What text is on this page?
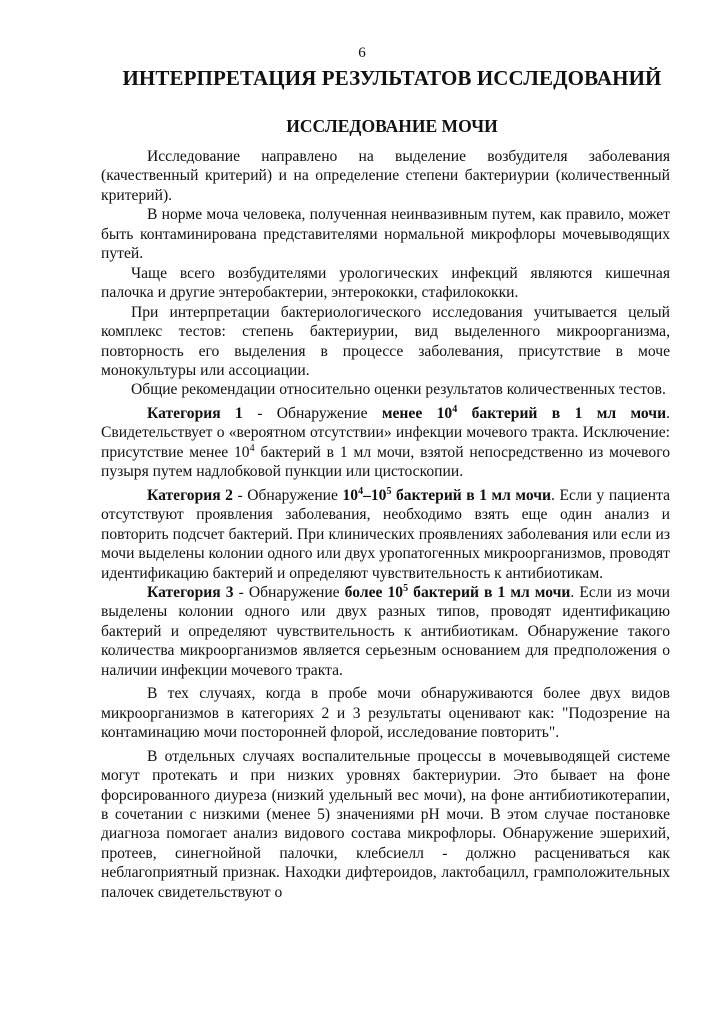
6
ИНТЕРПРЕТАЦИЯ РЕЗУЛЬТАТОВ ИССЛЕДОВАНИЙ
ИССЛЕДОВАНИЕ МОЧИ

Исследование направлено на выделение возбудителя заболевания (качественный критерий) и на определение степени бактериурии (количественный критерий).

В норме моча человека, полученная неинвазивным путем, как правило, может быть контаминирована представителями нормальной микрофлоры мочевыводящих путей.

Чаще всего возбудителями урологических инфекций являются кишечная палочка и другие энтеробактерии, энтерококки, стафилококки.

При интерпретации бактериологического исследования учитывается целый комплекс тестов: степень бактериурии, вид выделенного микроорганизма, повторность его выделения в процессе заболевания, присутствие в моче монокультуры или ассоциации.

Общие рекомендации относительно оценки результатов количественных тестов.

Категория 1 - Обнаружение менее $10^4$ бактерий в 1 мл мочи. Свидетельствует о «вероятном отсутствии» инфекции мочевого тракта. Исключение: присутствие менее $10^4$ бактерий в 1 мл мочи, взятой непосредственно из мочевого пузыря путем надлобковой пункции или цистоскопии.

Категория 2 - Обнаружение $10^4-10^5$ бактерий в 1 мл мочи. Если у пациента отсутствуют проявления заболевания, необходимо взять еще один анализ и повторить подсчет бактерий. При клинических проявлениях заболевания или если из мочи выделены колонии одного или двух уропатогенных микроорганизмов, проводят идентификацию бактерий и определяют чувствительность к антибиотикам.

Категория 3 - Обнаружение более $10^5$ бактерий в 1 мл мочи. Если из мочи выделены колонии одного или двух разных типов, проводят идентификацию бактерий и определяют чувствительность к антибиотикам. Обнаружение такого количества микроорганизмов является серьезным основанием для предположения о наличии инфекции мочевого тракта.

В тех случаях, когда в пробе мочи обнаруживаются более двух видов микроорганизмов в категориях 2 и 3 результаты оценивают как: "Подозрение на контаминацию мочи посторонней флорой, исследование повторить".

В отдельных случаях воспалительные процессы в мочевыводящей системе могут протекать и при низких уровнях бактериурии. Это бывает на фоне форсированного диуреза (низкий удельный вес мочи), на фоне антибиотикотерапии, в сочетании с низкими (менее 5) значениями pH мочи. В этом случае постановке диагноза помогает анализ видового состава микрофлоры. Обнаружение эшерихий, протеев, синегнойной палочки, клебсиелл - должно расцениваться как неблагоприятный признак. Находки дифтероидов, лактобацилл, грамположительных палочек свидетельствуют о
